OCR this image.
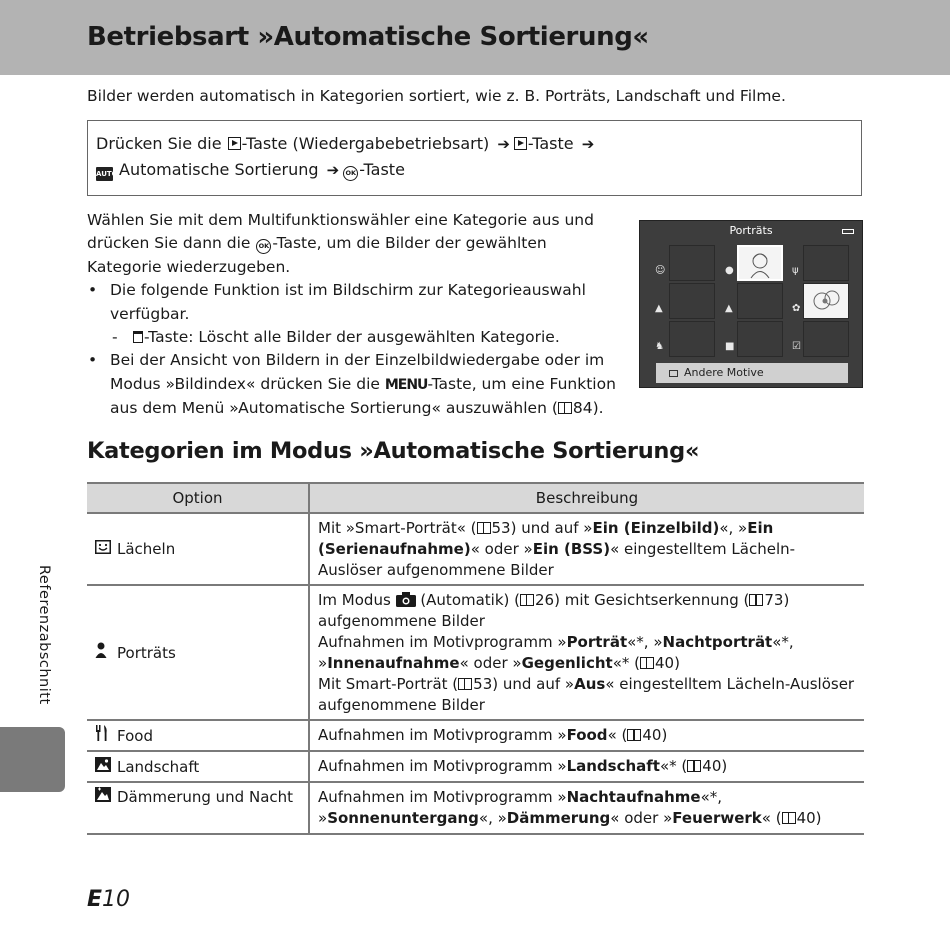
Betriebsart »Automatische Sortierung«

Bilder werden automatisch in Kategorien sortiert, wie z. B. Porträts, Landschaft und Filme.

Drücken Sie die -Taste (Wiedergabebetriebsart) ➔ -Taste ➔
AUTOAutomatische Sortierung ➔ OK -Taste

Wählen Sie mit dem Multifunktionswähler eine Kategorie aus und drücken Sie dann die OK -Taste, um die Bilder der gewählten Kategorie wiederzugeben.

• Die folgende Funktion ist im Bildschirm zur Kategorieauswahl verfügbar.

- -Taste: Löscht alle Bilder der ausgewählten Kategorie.

• Bei der Ansicht von Bildern in der Einzelbildwiedergabe oder im Modus »Bildindex« drücken Sie die MENU-Taste, um eine Funktion aus dem Menü »Automatische Sortierung« auszuwählen ( 84).

Porträts
☺	●	ψ
▲	▲	✿
♞	■	☑
Andere Motive
Kategorien im Modus »Automatische Sortierung«
Option	Beschreibung
Lächeln	Mit »Smart-Porträt« ( 53) und auf »Ein (Einzelbild)«, »Ein (Serienaufnahme)« oder »Ein (BSS)« eingestelltem Lächeln-Auslöser aufgenommene Bilder
Porträts	Im Modus  (Automatik) ( 26) mit Gesichtserkennung ( 73) aufgenommene Bilder

Aufnahmen im Motivprogramm »Porträt«*, »Nachtporträt«*, »Innenaufnahme« oder »Gegenlicht«* ( 40)

Mit Smart-Porträt ( 53) und auf »Aus« eingestelltem Lächeln-Auslöser aufgenommene Bilder

Food	Aufnahmen im Motivprogramm »Food« ( 40)
Landschaft	Aufnahmen im Motivprogramm »Landschaft«* ( 40)
Dämmerung und Nacht	Aufnahmen im Motivprogramm »Nachtaufnahme«*, »Sonnenuntergang«, »Dämmerung« oder »Feuerwerk« ( 40)
Referenzabschnitt
E10
